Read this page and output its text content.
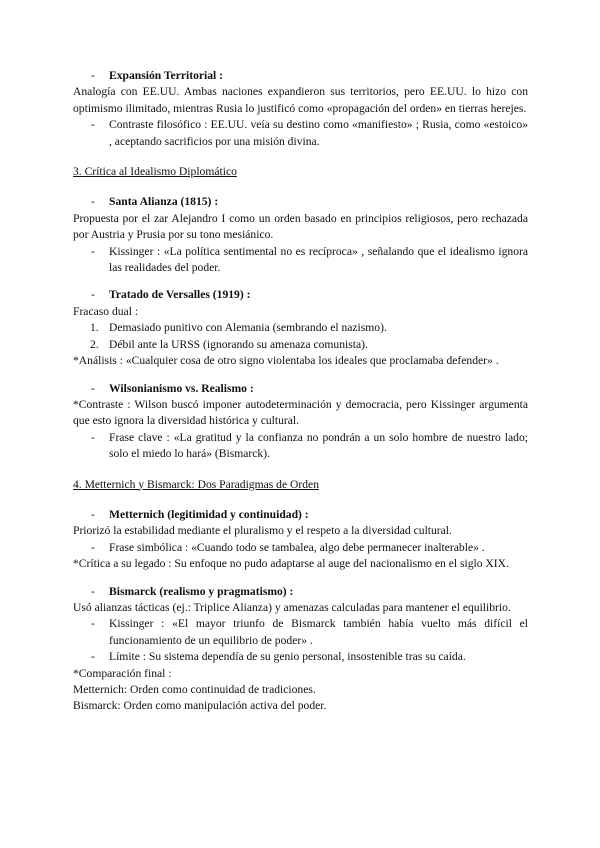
- Expansión Territorial :

Analogía con EE.UU. Ambas naciones expandieron sus territorios, pero EE.UU. lo hizo con optimismo ilimitado, mientras Rusia lo justificó como «propagación del orden» en tierras herejes.

- Contraste filosófico : EE.UU. veía su destino como «manifiesto» ; Rusia, como «estoico» , aceptando sacrificios por una misión divina.
3. Crítica al Idealismo Diplomático
- Santa Alianza (1815) :

Propuesta por el zar Alejandro I como un orden basado en principios religiosos, pero rechazada por Austria y Prusia por su tono mesiánico.

- Kissinger : «La política sentimental no es recíproca» , señalando que el idealismo ignora las realidades del poder.
- Tratado de Versalles (1919) :

Fracaso dual :

1. Demasiado punitivo con Alemania (sembrando el nazismo).
2. Débil ante la URSS (ignorando su amenaza comunista).

*Análisis : «Cualquier cosa de otro signo violentaba los ideales que proclamaba defender» .

- Wilsonianismo vs. Realismo :

*Contraste : Wilson buscó imponer autodeterminación y democracia, pero Kissinger argumenta que esto ignora la diversidad histórica y cultural.

- Frase clave : «La gratitud y la confianza no pondrán a un solo hombre de nuestro lado; solo el miedo lo hará» (Bismarck).
4. Metternich y Bismarck: Dos Paradigmas de Orden
- Metternich (legitimidad y continuidad) :

Priorizó la estabilidad mediante el pluralismo y el respeto a la diversidad cultural.

- Frase simbólica : «Cuando todo se tambalea, algo debe permanecer inalterable» .

*Crítica a su legado : Su enfoque no pudo adaptarse al auge del nacionalismo en el siglo XIX.

- Bismarck (realismo y pragmatismo) :

Usó alianzas tácticas (ej.: Triplice Alianza) y amenazas calculadas para mantener el equilibrio.

- Kissinger : «El mayor triunfo de Bismarck también había vuelto más difícil el funcionamiento de un equilibrio de poder» .
- Límite : Su sistema dependía de su genio personal, insostenible tras su caída.

*Comparación final :

Metternich: Orden como continuidad de tradiciones.

Bismarck: Orden como manipulación activa del poder.
